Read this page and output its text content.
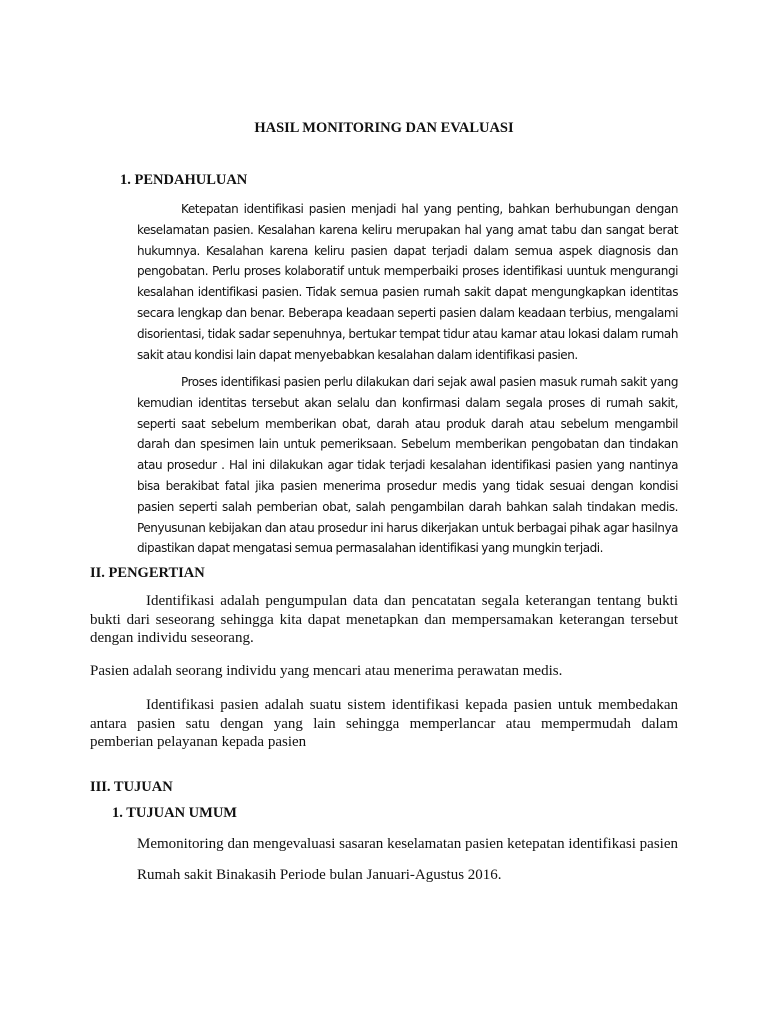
HASIL MONITORING DAN EVALUASI
1. PENDAHULUAN

Ketepatan identifikasi pasien menjadi hal yang penting, bahkan berhubungan dengan keselamatan pasien. Kesalahan karena keliru merupakan hal yang amat tabu dan sangat berat hukumnya. Kesalahan karena keliru pasien dapat terjadi dalam semua aspek diagnosis dan pengobatan. Perlu proses kolaboratif untuk memperbaiki proses identifikasi uuntuk mengurangi kesalahan identifikasi pasien. Tidak semua pasien rumah sakit dapat mengungkapkan identitas secara lengkap dan benar. Beberapa keadaan seperti pasien dalam keadaan terbius, mengalami disorientasi, tidak sadar sepenuhnya, bertukar tempat tidur atau kamar atau lokasi dalam rumah sakit atau kondisi lain dapat menyebabkan kesalahan dalam identifikasi pasien.

Proses identifikasi pasien perlu dilakukan dari sejak awal pasien masuk rumah sakit yang kemudian identitas tersebut akan selalu dan konfirmasi dalam segala proses di rumah sakit, seperti saat sebelum memberikan obat, darah atau produk darah atau sebelum mengambil darah dan spesimen lain untuk pemeriksaan. Sebelum memberikan pengobatan dan tindakan atau prosedur . Hal ini dilakukan agar tidak terjadi kesalahan identifikasi pasien yang nantinya bisa berakibat fatal jika pasien menerima prosedur medis yang tidak sesuai dengan kondisi pasien seperti salah pemberian obat, salah pengambilan darah bahkan salah tindakan medis. Penyusunan kebijakan dan atau prosedur ini harus dikerjakan untuk berbagai pihak agar hasilnya dipastikan dapat mengatasi semua permasalahan identifikasi yang mungkin terjadi.

II. PENGERTIAN

Identifikasi adalah pengumpulan data dan pencatatan segala keterangan tentang bukti bukti dari seseorang sehingga kita dapat menetapkan dan mempersamakan keterangan tersebut dengan individu seseorang.

Pasien adalah seorang individu yang mencari atau menerima perawatan medis.

Identifikasi pasien adalah suatu sistem identifikasi kepada pasien untuk membedakan antara pasien satu dengan yang lain sehingga memperlancar atau mempermudah dalam pemberian pelayanan kepada pasien

III. TUJUAN
1. TUJUAN UMUM

Memonitoring dan mengevaluasi sasaran keselamatan pasien ketepatan identifikasi pasien Rumah sakit Binakasih Periode bulan Januari-Agustus 2016.
